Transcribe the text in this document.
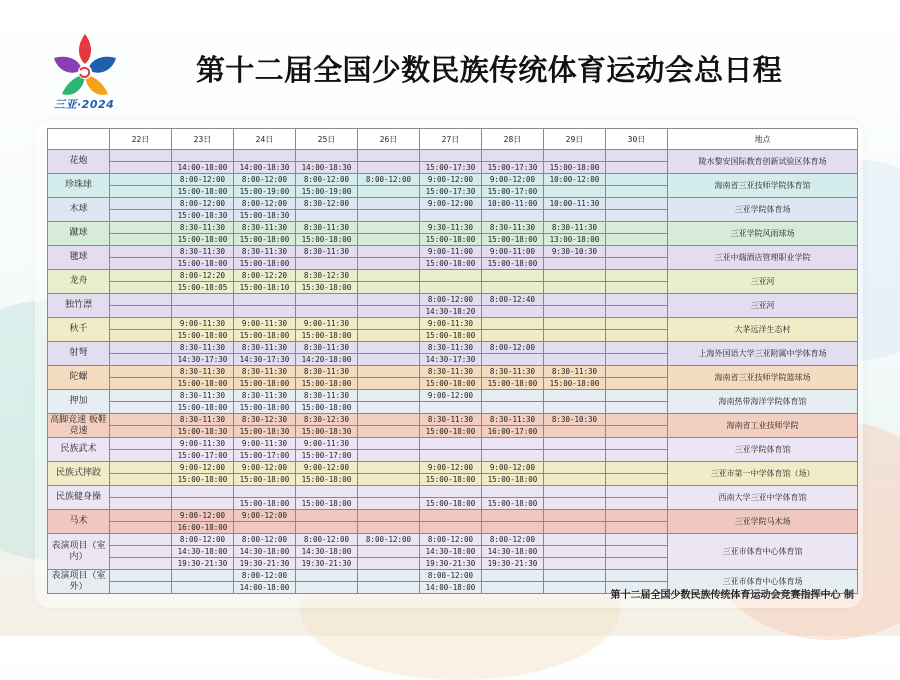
三亚·2024
第十二届全国少数民族传统体育运动会总日程
	22日	23日	24日	25日	26日	27日	28日	29日	30日	地点
花炮										陵水黎安国际教育创新试验区体育场
		14:00-18:00	14:00-18:30	14:00-18:30		15:00-17:30	15:00-17:30	15:00-18:00		
珍珠球		8:00-12:00	8:00-12:00	8:00-12:00	8:00-12:00	9:00-12:00	9:00-12:00	10:00-12:00		海南省三亚技师学院体育馆
		15:00-18:00	15:00-19:00	15:00-19:00		15:00-17:30	15:00-17:00			
木球		8:00-12:00	8:00-12:00	8:30-12:00		9:00-12:00	10:00-11:00	10:00-11:30		三亚学院体育场
		15:00-18:30	15:00-18:30							
蹴球		8:30-11:30	8:30-11:30	8:30-11:30		9:30-11:30	8:30-11:30	8:30-11:30		三亚学院风雨球场
		15:00-18:00	15:00-18:00	15:00-18:00		15:00-18:00	15:00-18:00	13:00-18:00		
毽球		8:30-11:30	8:30-11:30	8:30-11:30		9:00-11:00	9:00-11:00	9:30-10:30		三亚中瑞酒店管理职业学院
		15:00-18:00	15:00-18:00			15:00-18:00	15:00-18:00			
龙舟		8:00-12:20	8:00-12:20	8:30-12:30						三亚河
		15:00-18:05	15:00-18:10	15:30-18:00						
独竹漂						8:00-12:00	8:00-12:40			三亚河
						14:30-18:20				
秋千		9:00-11:30	9:00-11:30	9:00-11:30		9:00-11:30				大茅远洋生态村
		15:00-18:00	15:00-18:00	15:00-18:00		15:00-18:00				
射弩		8:30-11:30	8:30-11:30	8:30-11:30		8:30-11:30	8:00-12:00			上海外国语大学三亚附属中学体育场
		14:30-17:30	14:30-17:30	14:20-18:00		14:30-17:30				
陀螺		8:30-11:30	8:30-11:30	8:30-11:30		8:30-11:30	8:30-11:30	8:30-11:30		海南省三亚技师学院篮球场
		15:00-18:00	15:00-18:00	15:00-18:00		15:00-18:00	15:00-18:00	15:00-18:00		
押加		8:30-11:30	8:30-11:30	8:30-11:30		9:00-12:00				海南热带海洋学院体育馆
		15:00-18:00	15:00-18:00	15:00-18:00						
高脚竞速 板鞋竞速		8:30-11:30	8:30-12:30	8:30-12:30		8:30-11:30	8:30-11:30	8:30-10:30		海南省工业技师学院
		15:00-18:30	15:00-18:30	15:00-18:30		15:00-18:00	16:00-17:00			
民族武术		9:00-11:30	9:00-11:30	9:00-11:30						三亚学院体育馆
		15:00-17:00	15:00-17:00	15:00-17:00						
民族式摔跤		9:00-12:00	9:00-12:00	9:00-12:00		9:00-12:00	9:00-12:00			三亚市第一中学体育馆（场）
		15:00-18:00	15:00-18:00	15:00-18:00		15:00-18:00	15:00-18:00			
民族健身操										西南大学三亚中学体育馆
			15:00-18:00	15:00-18:00		15:00-18:00	15:00-18:00			
马术		9:00-12:00	9:00-12:00							三亚学院马术场
		16:00-18:00								
表演项目（室内）		8:00-12:00	8:00-12:00	8:00-12:00	8:00-12:00	8:00-12:00	8:00-12:00			三亚市体育中心体育馆
		14:30-18:00	14:30-18:00	14:30-18:00		14:30-18:00	14:30-18:00			
		19:30-21:30	19:30-21:30	19:30-21:30		19:30-21:30	19:30-21:30			
表演项目（室外）			8:00-12:00			8:00-12:00				三亚市体育中心体育场
			14:00-18:00			14:00-18:00				
第十二届全国少数民族传统体育运动会竞赛指挥中心 制
